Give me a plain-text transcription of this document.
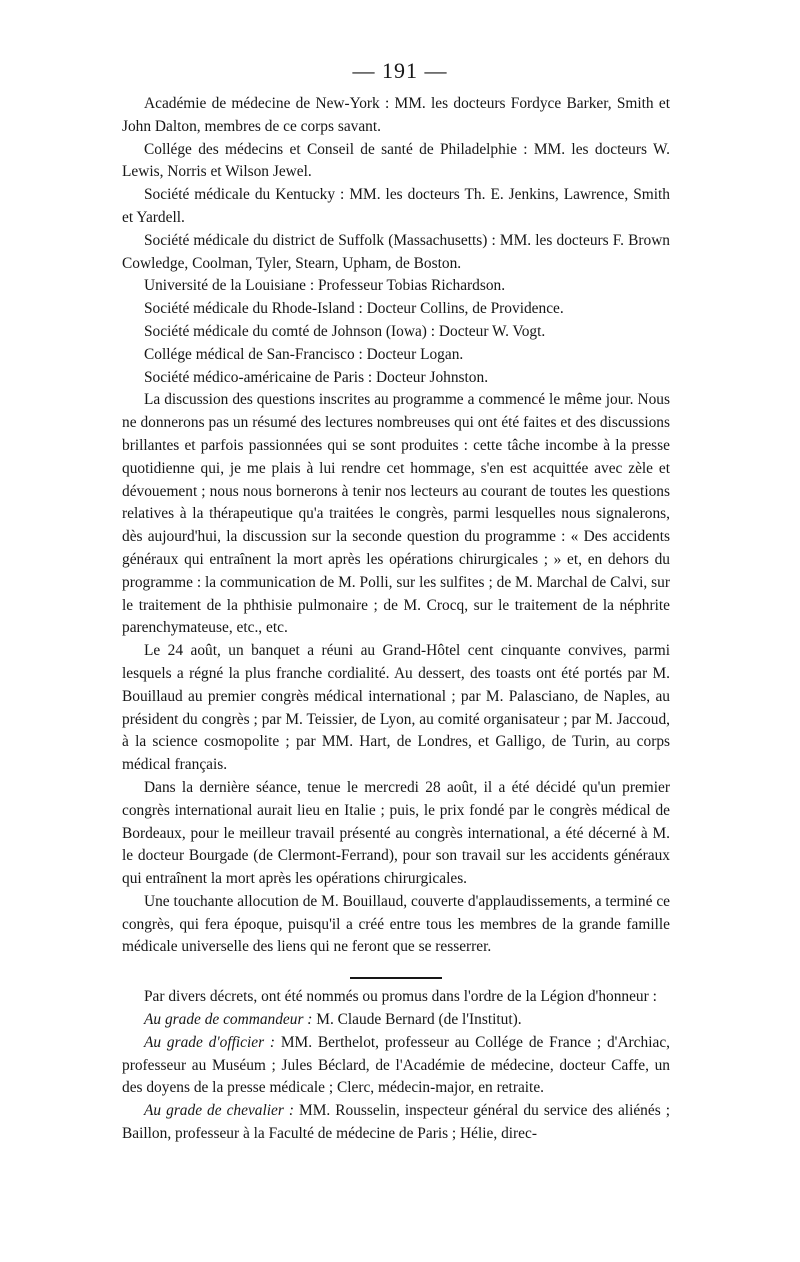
— 191 —

Académie de médecine de New-York : MM. les docteurs Fordyce Barker, Smith et John Dalton, membres de ce corps savant.

Collége des médecins et Conseil de santé de Philadelphie : MM. les docteurs W. Lewis, Norris et Wilson Jewel.

Société médicale du Kentucky : MM. les docteurs Th. E. Jenkins, Lawrence, Smith et Yardell.

Société médicale du district de Suffolk (Massachusetts) : MM. les docteurs F. Brown Cowledge, Coolman, Tyler, Stearn, Upham, de Boston.

Université de la Louisiane : Professeur Tobias Richardson.

Société médicale du Rhode-Island : Docteur Collins, de Providence.

Société médicale du comté de Johnson (Iowa) : Docteur W. Vogt.

Collége médical de San-Francisco : Docteur Logan.

Société médico-américaine de Paris : Docteur Johnston.

La discussion des questions inscrites au programme a commencé le même jour. Nous ne donnerons pas un résumé des lectures nombreuses qui ont été faites et des discussions brillantes et parfois passionnées qui se sont produites : cette tâche incombe à la presse quotidienne qui, je me plais à lui rendre cet hommage, s'en est acquittée avec zèle et dévouement ; nous nous bornerons à tenir nos lecteurs au courant de toutes les questions relatives à la thérapeutique qu'a traitées le congrès, parmi lesquelles nous signalerons, dès aujourd'hui, la discussion sur la seconde question du programme : « Des accidents généraux qui entraînent la mort après les opérations chirurgicales ; » et, en dehors du programme : la communication de M. Polli, sur les sulfites ; de M. Marchal de Calvi, sur le traitement de la phthisie pulmonaire ; de M. Crocq, sur le traitement de la néphrite parenchymateuse, etc., etc.

Le 24 août, un banquet a réuni au Grand-Hôtel cent cinquante convives, parmi lesquels a régné la plus franche cordialité. Au dessert, des toasts ont été portés par M. Bouillaud au premier congrès médical international ; par M. Palasciano, de Naples, au président du congrès ; par M. Teissier, de Lyon, au comité organisateur ; par M. Jaccoud, à la science cosmopolite ; par MM. Hart, de Londres, et Galligo, de Turin, au corps médical français.

Dans la dernière séance, tenue le mercredi 28 août, il a été décidé qu'un premier congrès international aurait lieu en Italie ; puis, le prix fondé par le congrès médical de Bordeaux, pour le meilleur travail présenté au congrès international, a été décerné à M. le docteur Bourgade (de Clermont-Ferrand), pour son travail sur les accidents généraux qui entraînent la mort après les opérations chirurgicales.

Une touchante allocution de M. Bouillaud, couverte d'applaudissements, a terminé ce congrès, qui fera époque, puisqu'il a créé entre tous les membres de la grande famille médicale universelle des liens qui ne feront que se resserrer.

Par divers décrets, ont été nommés ou promus dans l'ordre de la Légion d'honneur :

Au grade de commandeur : M. Claude Bernard (de l'Institut).

Au grade d'officier : MM. Berthelot, professeur au Collége de France ; d'Archiac, professeur au Muséum ; Jules Béclard, de l'Académie de médecine, docteur Caffe, un des doyens de la presse médicale ; Clerc, médecin-major, en retraite.

Au grade de chevalier : MM. Rousselin, inspecteur général du service des aliénés ; Baillon, professeur à la Faculté de médecine de Paris ; Hélie, direc-
